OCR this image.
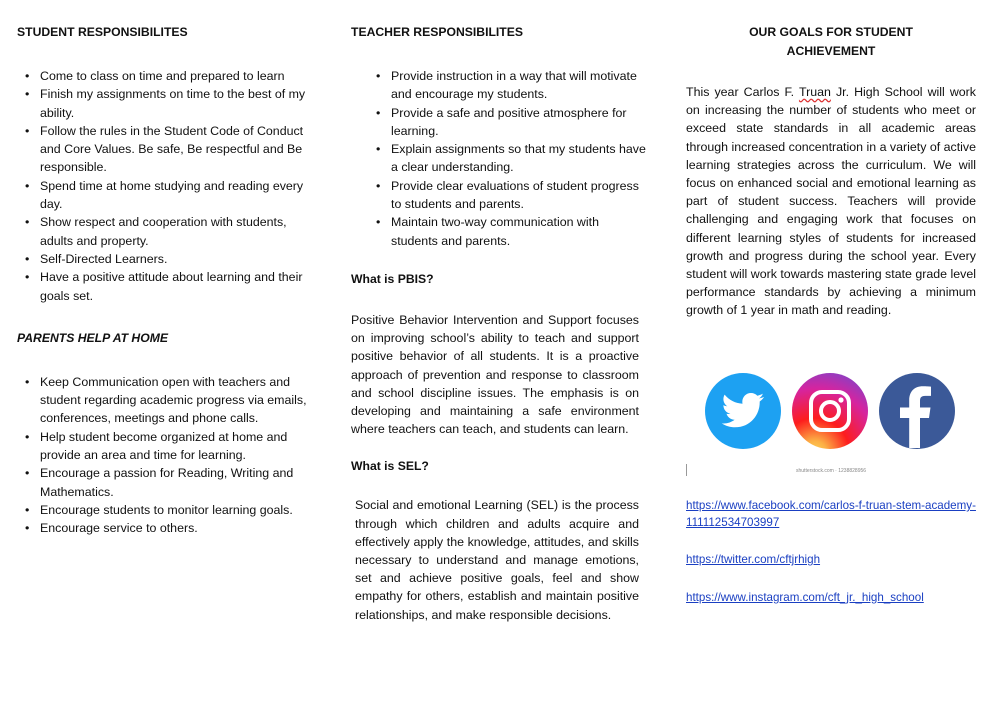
STUDENT RESPONSIBILITES

• Come to class on time and prepared to learn
• Finish my assignments on time to the best of my ability.
• Follow the rules in the Student Code of Conduct and Core Values. Be safe, Be respectful and Be responsible.
• Spend time at home studying and reading every day.
• Show respect and cooperation with students, adults and property.
• Self-Directed Learners.
• Have a positive attitude about learning and their goals set.

PARENTS HELP AT HOME

• Keep Communication open with teachers and student regarding academic progress via emails, conferences, meetings and phone calls.
• Help student become organized at home and provide an area and time for learning.
• Encourage a passion for Reading, Writing and Mathematics.
• Encourage students to monitor learning goals.
• Encourage service to others.

TEACHER RESPONSIBILITES

• Provide instruction in a way that will motivate and encourage my students.
• Provide a safe and positive atmosphere for learning.
• Explain assignments so that my students have a clear understanding.
• Provide clear evaluations of student progress to students and parents.
• Maintain two-way communication with students and parents.

What is PBIS?

Positive Behavior Intervention and Support focuses on improving school’s ability to teach and support positive behavior of all students. It is a proactive approach of prevention and response to classroom and school discipline issues. The emphasis is on developing and maintaining a safe environment where teachers can teach, and students can learn.

What is SEL?

Social and emotional Learning (SEL) is the process through which children and adults acquire and effectively apply the knowledge, attitudes, and skills necessary to understand and manage emotions, set and achieve positive goals, feel and show empathy for others, establish and maintain positive relationships, and make responsible decisions.

OUR GOALS FOR STUDENT
ACHIEVEMENT

This year Carlos F. Truan Jr. High School will work on increasing the number of students who meet or exceed state standards in all academic areas through increased concentration in a variety of active learning strategies across the curriculum. We will focus on enhanced social and emotional learning as part of student success. Teachers will provide challenging and engaging work that focuses on different learning styles of students for increased growth and progress during the school year. Every student will work towards mastering state grade level performance standards by achieving a minimum growth of 1 year in math and reading.

https://www.facebook.com/carlos-f-truan-stem-academy-111112534703997
https://twitter.com/cftjrhigh
https://www.instagram.com/cft_jr._high_school
shutterstock.com · 1238828956
